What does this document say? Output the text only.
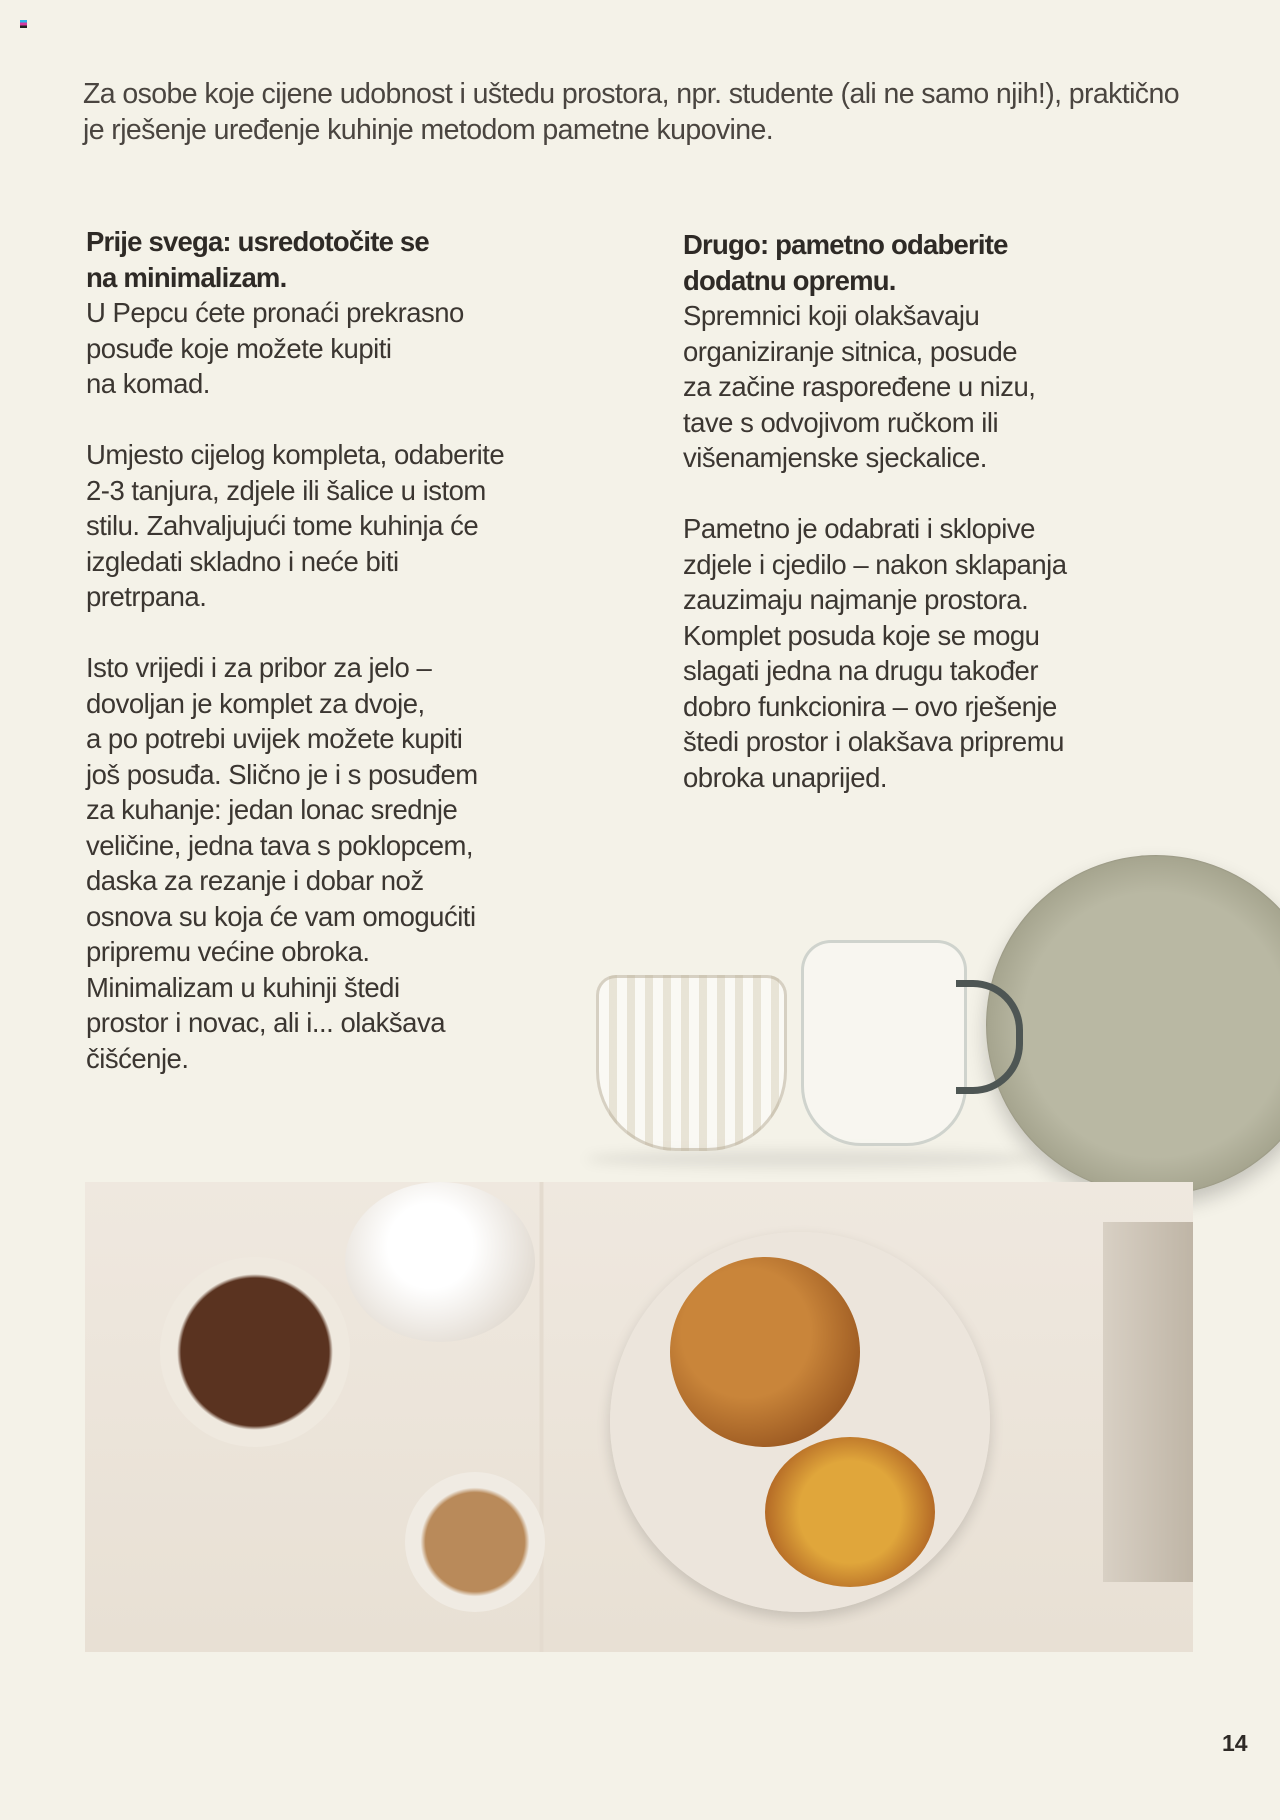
Za osobe koje cijene udobnost i uštedu prostora, npr. studente (ali ne samo njih!), praktično je rješenje uređenje kuhinje metodom pametne kupovine.

Prije svega: usredotočite se
na minimalizam.

U Pepcu ćete pronaći prekrasno
posuđe koje možete kupiti
na komad.

Umjesto cijelog kompleta, odaberite
2-3 tanjura, zdjele ili šalice u istom
stilu. Zahvaljujući tome kuhinja će
izgledati skladno i neće biti
pretrpana.

Isto vrijedi i za pribor za jelo –
dovoljan je komplet za dvoje,
a po potrebi uvijek možete kupiti
još posuđa. Slično je i s posuđem
za kuhanje: jedan lonac srednje
veličine, jedna tava s poklopcem,
daska za rezanje i dobar nož
osnova su koja će vam omogućiti
pripremu većine obroka.
Minimalizam u kuhinji štedi
prostor i novac, ali i... olakšava
čišćenje.

Drugo: pametno odaberite
dodatnu opremu.

Spremnici koji olakšavaju
organiziranje sitnica, posude
za začine raspoređene u nizu,
tave s odvojivom ručkom ili
višenamjenske sjeckalice.

Pametno je odabrati i sklopive
zdjele i cjedilo – nakon sklapanja
zauzimaju najmanje prostora.
Komplet posuda koje se mogu
slagati jedna na drugu također
dobro funkcionira – ovo rješenje
štedi prostor i olakšava pripremu
obroka unaprijed.

14
